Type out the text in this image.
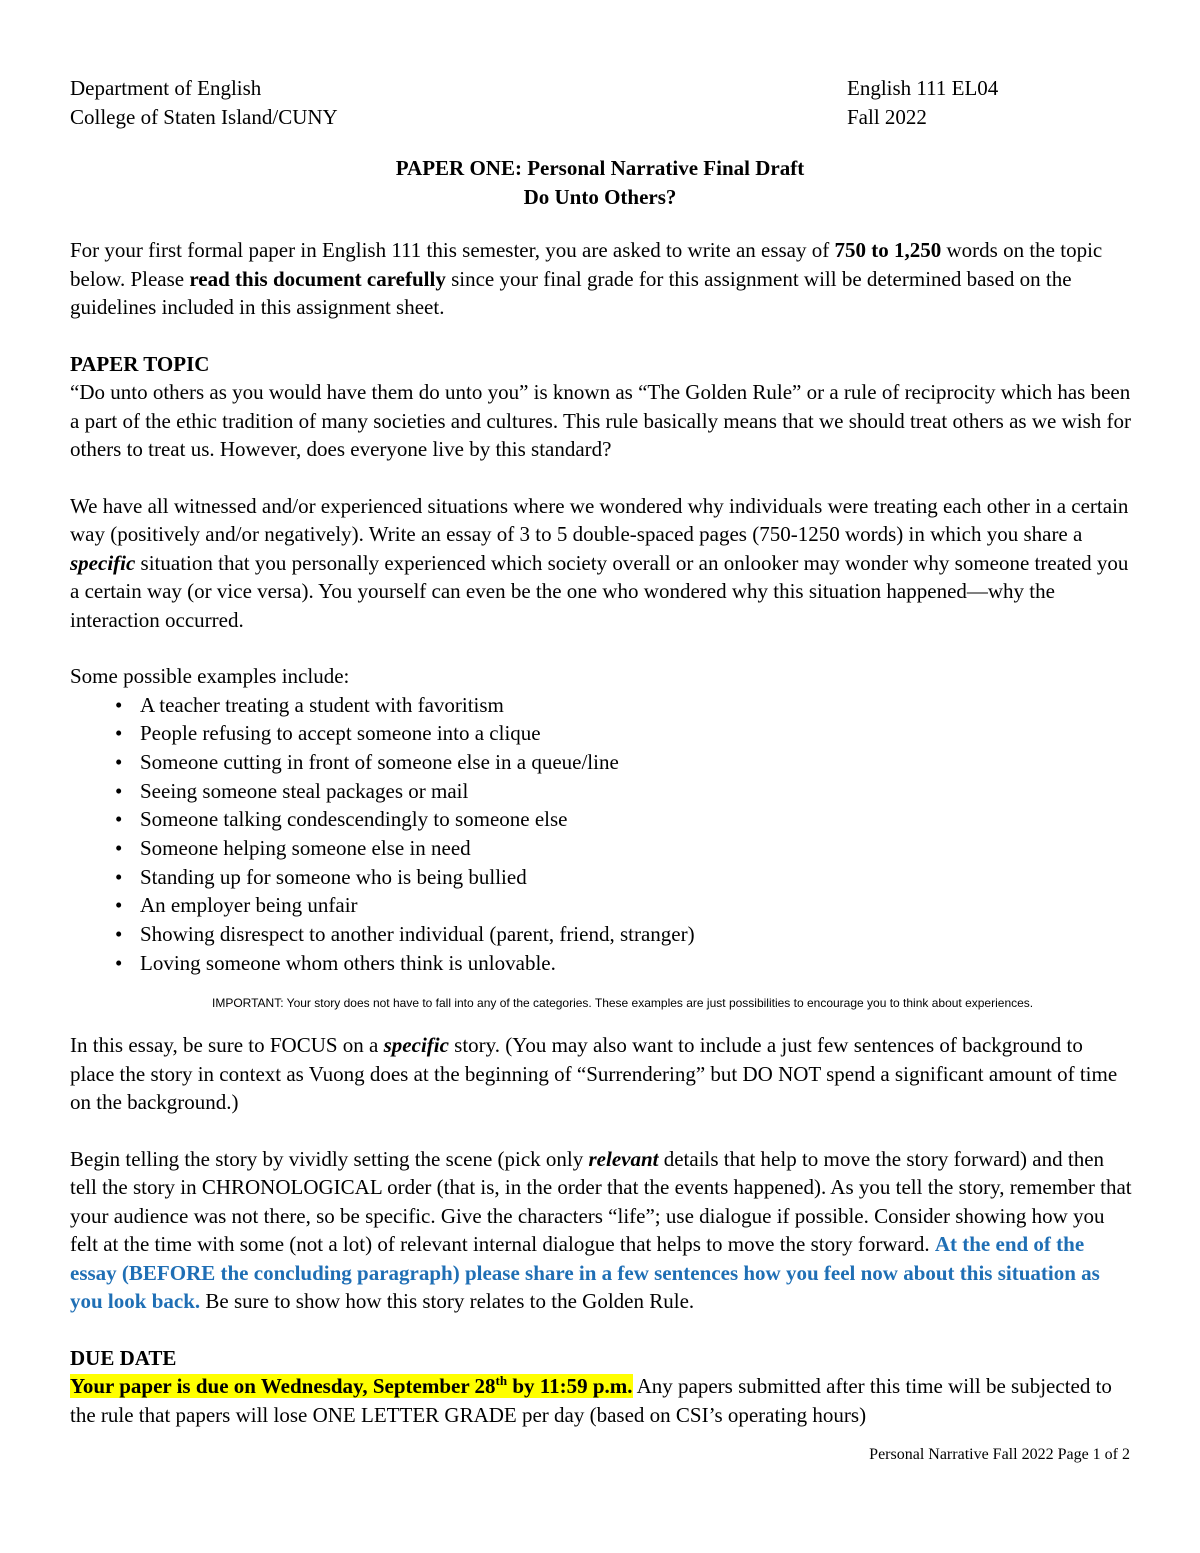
Department of English
College of Staten Island/CUNY
English 111 EL04
Fall 2022
PAPER ONE: Personal Narrative Final Draft
Do Unto Others?

For your first formal paper in English 111 this semester, you are asked to write an essay of 750 to 1,250 words on the topic below. Please read this document carefully since your final grade for this assignment will be determined based on the guidelines included in this assignment sheet.

PAPER TOPIC

“Do unto others as you would have them do unto you” is known as “The Golden Rule” or a rule of reciprocity which has been a part of the ethic tradition of many societies and cultures. This rule basically means that we should treat others as we wish for others to treat us. However, does everyone live by this standard?

We have all witnessed and/or experienced situations where we wondered why individuals were treating each other in a certain way (positively and/or negatively). Write an essay of 3 to 5 double-spaced pages (750-1250 words) in which you share a specific situation that you personally experienced which society overall or an onlooker may wonder why someone treated you a certain way (or vice versa). You yourself can even be the one who wondered why this situation happened—why the interaction occurred.

Some possible examples include:
• A teacher treating a student with favoritism
• People refusing to accept someone into a clique
• Someone cutting in front of someone else in a queue/line
• Seeing someone steal packages or mail
• Someone talking condescendingly to someone else
• Someone helping someone else in need
• Standing up for someone who is being bullied
• An employer being unfair
• Showing disrespect to another individual (parent, friend, stranger)
• Loving someone whom others think is unlovable.
IMPORTANT: Your story does not have to fall into any of the categories. These examples are just possibilities to encourage you to think about experiences.

In this essay, be sure to FOCUS on a specific story. (You may also want to include a just few sentences of background to place the story in context as Vuong does at the beginning of “Surrendering” but DO NOT spend a significant amount of time on the background.)

Begin telling the story by vividly setting the scene (pick only relevant details that help to move the story forward) and then tell the story in CHRONOLOGICAL order (that is, in the order that the events happened). As you tell the story, remember that your audience was not there, so be specific. Give the characters “life”; use dialogue if possible. Consider showing how you felt at the time with some (not a lot) of relevant internal dialogue that helps to move the story forward. At the end of the essay (BEFORE the concluding paragraph) please share in a few sentences how you feel now about this situation as you look back. Be sure to show how this story relates to the Golden Rule.

DUE DATE
Your paper is due on Wednesday, September 28th by 11:59 p.m. Any papers submitted after this time will be subjected to the rule that papers will lose ONE LETTER GRADE per day (based on CSI’s operating hours)
Personal Narrative Fall 2022 Page 1 of 2
